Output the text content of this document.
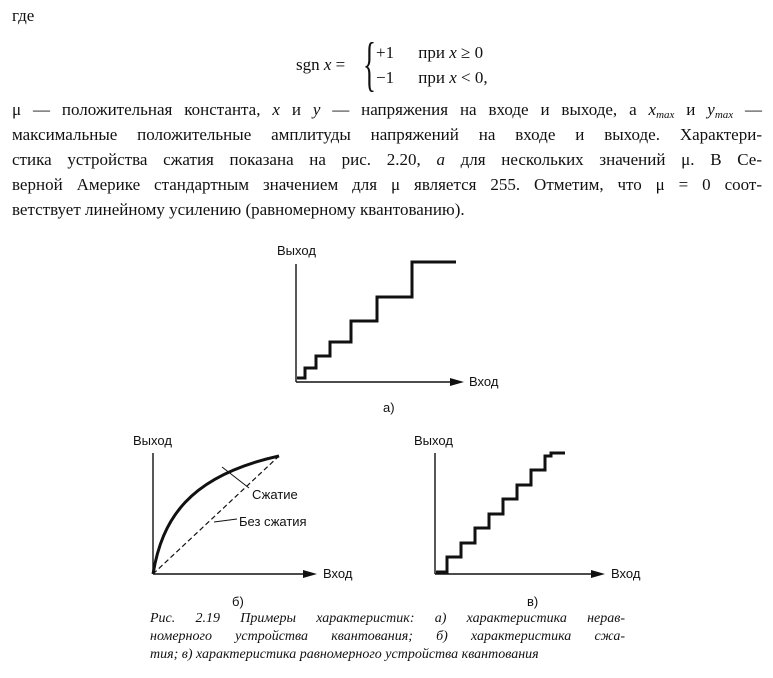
где
sgn x = { +1 при x ≥ 0
−1 при x < 0,
μ — положительная константа, x и y — напряжения на входе и выходе, а $x_{max}$ и $y_{max}$ —
максимальные положительные амплитуды напряжений на входе и выходе. Характери-
стика устройства сжатия показана на рис. 2.20, а для нескольких значений μ. В Се-
верной Америке стандартным значением для μ является 255. Отметим, что μ = 0 соот-
ветствует линейному усилению (равномерному квантованию).
Выход
Вход
а)
Выход
Сжатие
Без сжатия
Вход
б)
Выход
Вход
в)
Рис. 2.19 Примеры характеристик: а) характеристика нерав-
номерного устройства квантования; б) характеристика сжа-
тия; в) характеристика равномерного устройства квантования
